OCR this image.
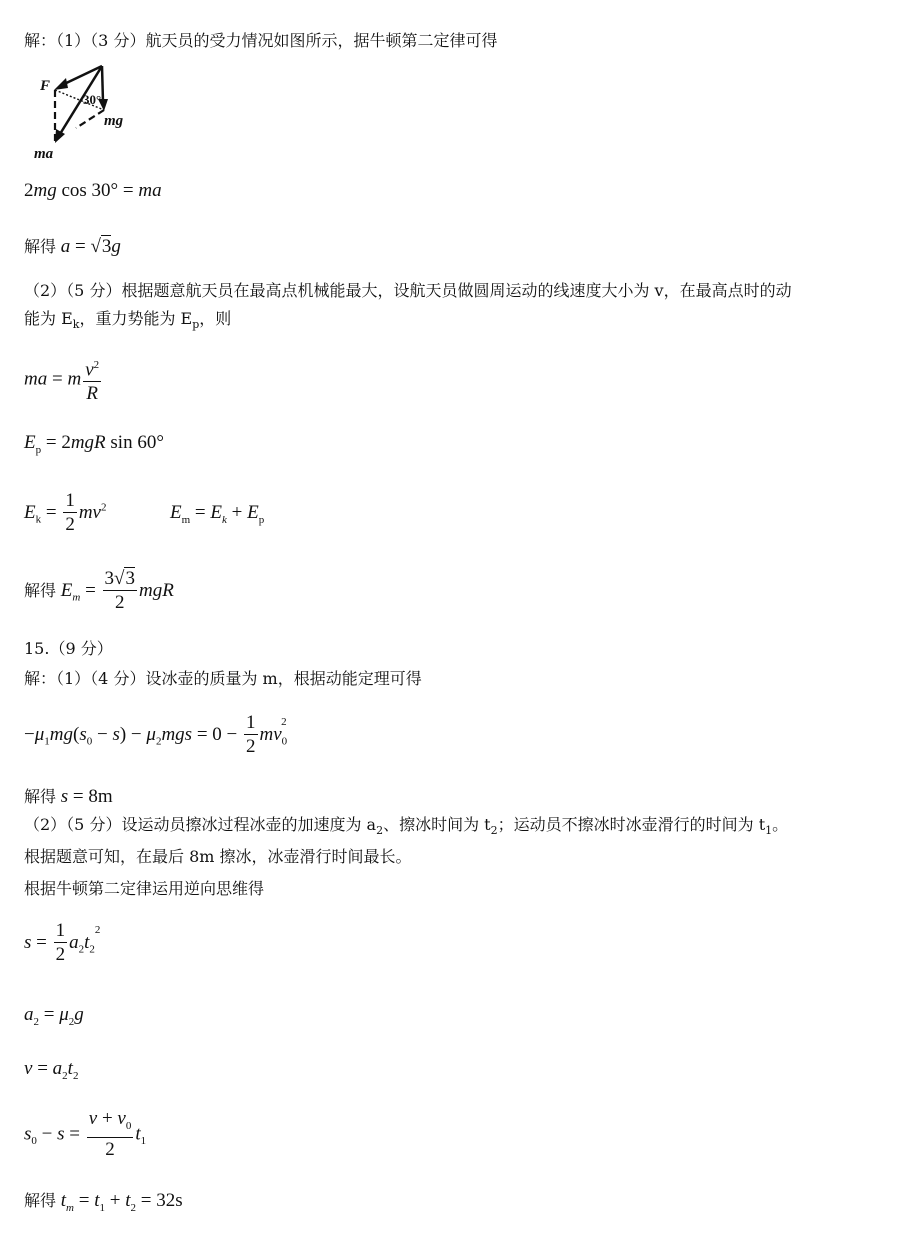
解：（1）（3 分）航天员的受力情况如图所示，据牛顿第二定律可得
F
30°
mg
ma
2mg cos 30° = ma
解得 a = √3g
（2）（5 分）根据题意航天员在最高点机械能最大，设航天员做圆周运动的线速度大小为 v，在最高点时的动
能为 $E_k$，重力势能为 $E_p$，则
ma = m $\frac{v^2}{R}$
$E_p = 2mgR$ sin 60°
$E_k = \frac{1}{2} mv^2$	$E_m = E_k + E_p$
解得 $E_m = \frac{3√3}{2}$ mgR
15.（9 分）
解：（1）（4 分）设冰壶的质量为 m，根据动能定理可得
$-\mu_1mg(s_0 - s) - \mu_2mgs = 0 - \frac{1}{2} mv_0^2$
解得 s = 8m
（2）（5 分）设运动员擦冰过程冰壶的加速度为 $a_2$、擦冰时间为 $t_2$；运动员不擦冰时冰壶滑行的时间为 $t_1$。
根据题意可知，在最后 8m 擦冰，冰壶滑行时间最长。
根据牛顿第二定律运用逆向思维得
$s = \frac{1}{2} a_2t_2^2$
$a_2 = \mu_2g$
$v = a_2t_2$
$s_0 - s = \frac{v + v_0}{2} t_1$
解得 $t_m = t_1 + t_2 = 32s$
